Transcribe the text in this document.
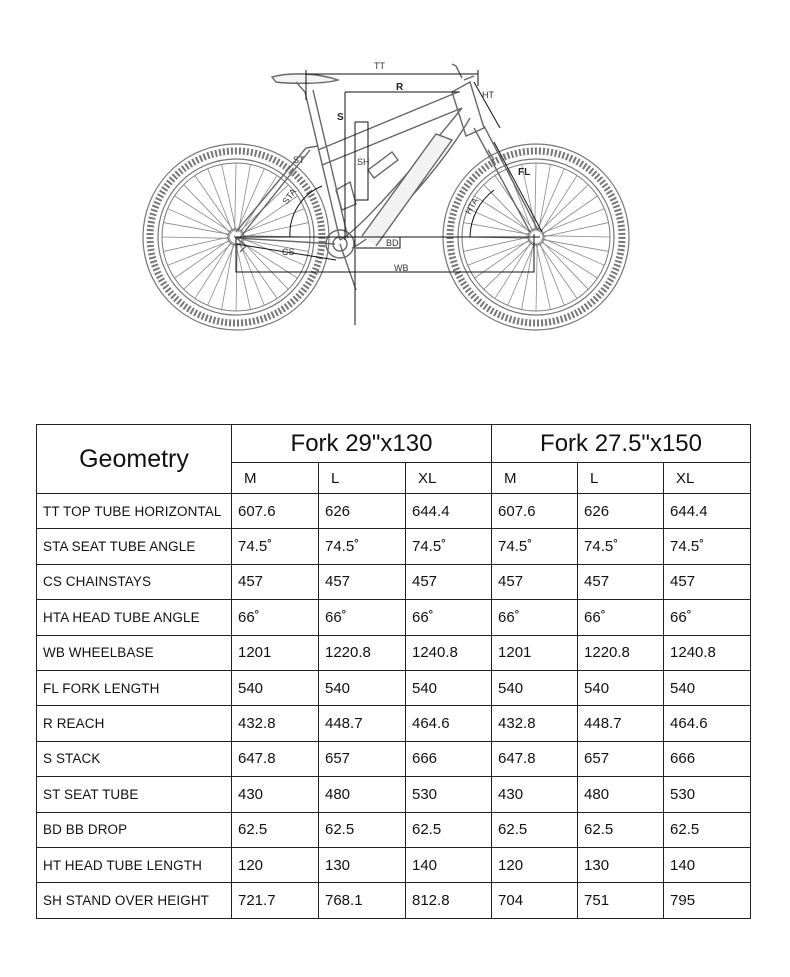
TT
R
HT
S
ST	SH
STA
CS
BD
WB
FL
HTA
Geometry	Fork 29"x130			Fork 27.5"x150		
	M	L	XL	M	L	XL
TT TOP TUBE HORIZONTAL	607.6	626	644.4	607.6	626	644.4
STA SEAT TUBE ANGLE	74.5˚	74.5˚	74.5˚	74.5˚	74.5˚	74.5˚
CS CHAINSTAYS	457	457	457	457	457	457
HTA HEAD TUBE ANGLE	66˚	66˚	66˚	66˚	66˚	66˚
WB WHEELBASE	1201	1220.8	1240.8	1201	1220.8	1240.8
FL FORK LENGTH	540	540	540	540	540	540
R REACH	432.8	448.7	464.6	432.8	448.7	464.6
S STACK	647.8	657	666	647.8	657	666
ST SEAT TUBE	430	480	530	430	480	530
BD BB DROP	62.5	62.5	62.5	62.5	62.5	62.5
HT HEAD TUBE LENGTH	120	130	140	120	130	140
SH STAND OVER HEIGHT	721.7	768.1	812.8	704	751	795
